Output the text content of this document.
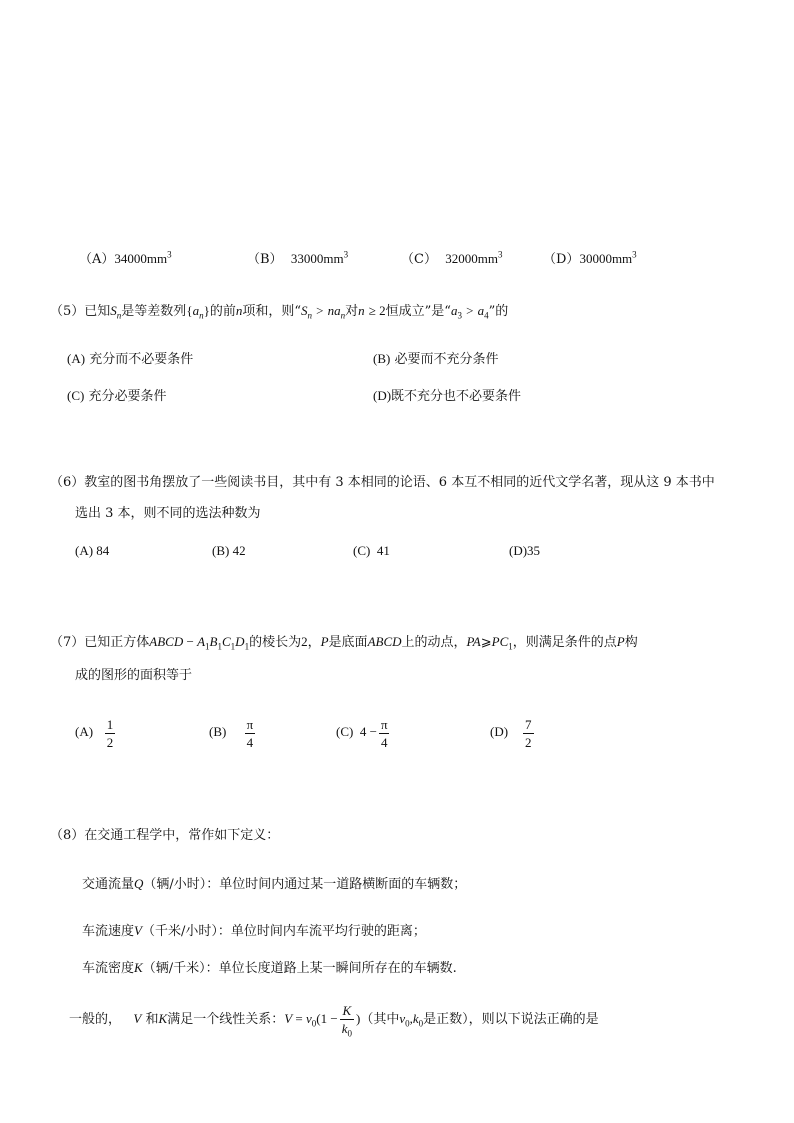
$(A)34000mm^3$	（B） $33000mm^3$	（C） $32000mm^3$	$(D)30000mm^3$
（5）已知$S_n$是等差数列$\{a_n\}$的前n项和，则“$S_n > na_n$对n ≥ 2恒成立”是“$a_3 > a_4$”的
(A) 充分而不必要条件	(B) 必要而不充分条件
(C) 充分必要条件	(D)既不充分也不必要条件
（6）教室的图书角摆放了一些阅读书目，其中有 3 本相同的论语、6 本互不相同的近代文学名著，现从这 9 本书中
选出 3 本，则不同的选法种数为
(A) 84	(B) 42	(C) 41	(D)35
（7）已知正方体ABCD − $A_1B_1C_1D_1$的棱长为2，P是底面ABCD上的动点，$PA⩾PC_1$，则满足条件的点P构
成的图形的面积等于
$(A) \frac{1}{2}$	$(B) \frac{\pi}{4}$	(C) $4 - \frac{\pi}{4}$	$(D) \frac{7}{2}$
（8）在交通工程学中，常作如下定义：
交通流量Q（辆/小时）：单位时间内通过某一道路横断面的车辆数；
车流速度V（千米/小时）：单位时间内车流平均行驶的距离；
车流密度K（辆/千米）：单位长度道路上某一瞬间所存在的车辆数.
一般的， V 和K满足一个线性关系：$V = v_0(1 - \frac{K}{k_0}$ )（其中$v_0,k_0$是正数），则以下说法正确的是
